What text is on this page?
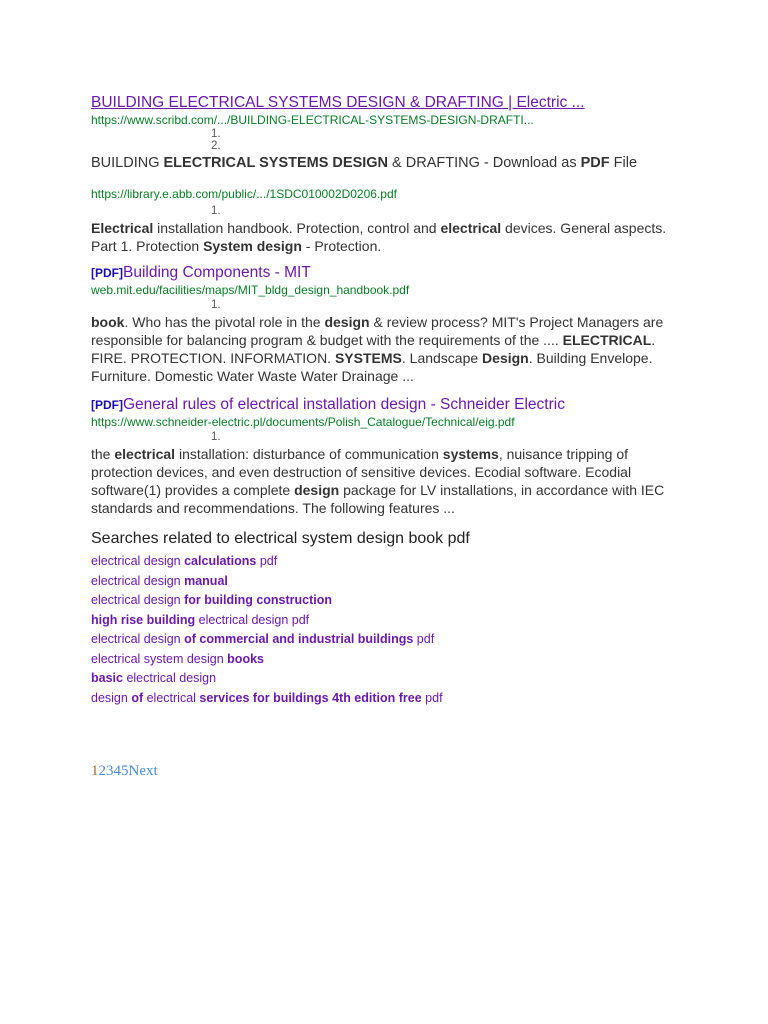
BUILDING ELECTRICAL SYSTEMS DESIGN & DRAFTING | Electric ...
https://www.scribd.com/.../BUILDING-ELECTRICAL-SYSTEMS-DESIGN-DRAFTI...
1.
2.
BUILDING ELECTRICAL SYSTEMS DESIGN & DRAFTING - Download as PDF File
https://library.e.abb.com/public/.../1SDC010002D0206.pdf
1.
Electrical installation handbook. Protection, control and electrical devices. General aspects. Part 1. Protection System design - Protection.
[PDF]Building Components - MIT
web.mit.edu/facilities/maps/MIT_bldg_design_handbook.pdf
1.
book. Who has the pivotal role in the design & review process? MIT's Project Managers are responsible for balancing program & budget with the requirements of the .... ELECTRICAL. FIRE. PROTECTION. INFORMATION. SYSTEMS. Landscape Design. Building Envelope. Furniture. Domestic Water Waste Water Drainage ...
[PDF]General rules of electrical installation design - Schneider Electric
https://www.schneider-electric.pl/documents/Polish_Catalogue/Technical/eig.pdf
1.
the electrical installation: disturbance of communication systems, nuisance tripping of protection devices, and even destruction of sensitive devices. Ecodial software. Ecodial software(1) provides a complete design package for LV installations, in accordance with IEC standards and recommendations. The following features ...
Searches related to electrical system design book pdf
electrical design calculations pdf
electrical design manual
electrical design for building construction
high rise building electrical design pdf
electrical design of commercial and industrial buildings pdf
electrical system design books
basic electrical design
design of electrical services for buildings 4th edition free pdf
12345Next
